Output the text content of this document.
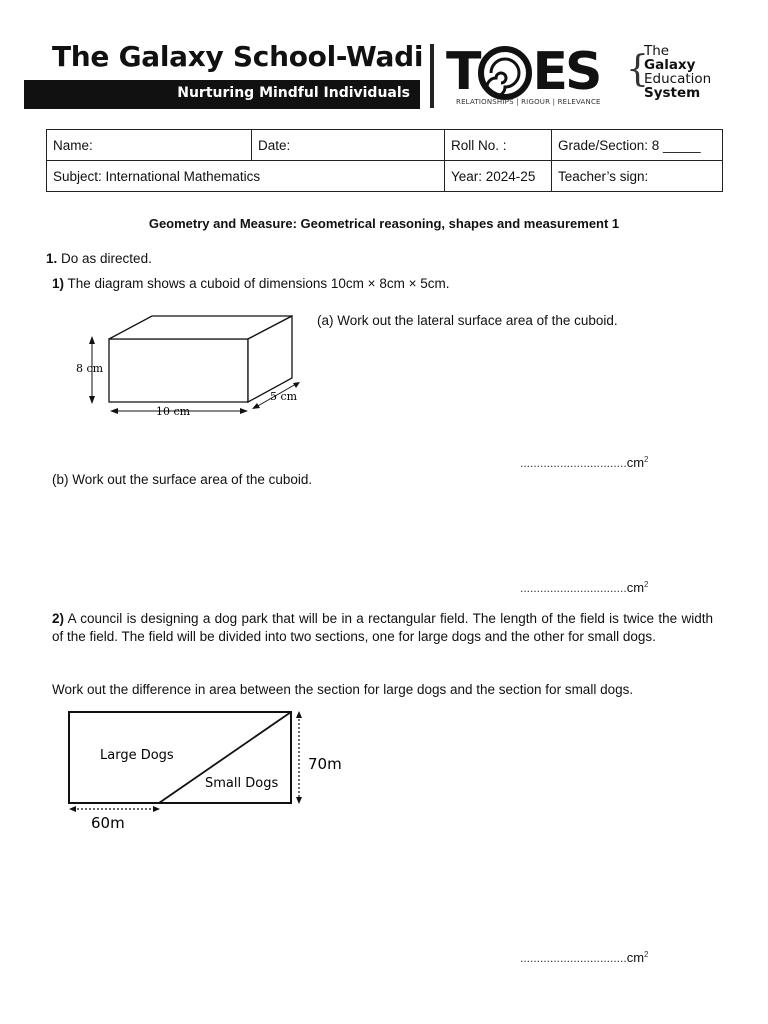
The Galaxy School-Wadi
Nurturing Mindful Individuals T ES
RELATIONSHIPS | RIGOUR | RELEVANCE
{
The
Galaxy
Education
System
Name:	Date:	Roll No. :	Grade/Section: 8 _____
Subject: International Mathematics		Year: 2024-25	Teacher’s sign:
Geometry and Measure: Geometrical reasoning, shapes and measurement 1
1. Do as directed.
1) The diagram shows a cuboid of dimensions 10cm × 8cm × 5cm.
8 cm
10 cm
5 cm
(a) Work out the lateral surface area of the cuboid.
$................................cm^2$
(b) Work out the surface area of the cuboid.
$................................cm^2$
2) A council is designing a dog park that will be in a rectangular field. The length of the field is twice the width of the field. The field will be divided into two sections, one for large dogs and the other for small dogs.
Work out the difference in area between the section for large dogs and the section for small dogs.
Large Dogs
Small Dogs
70m
60m
$................................cm^2$
